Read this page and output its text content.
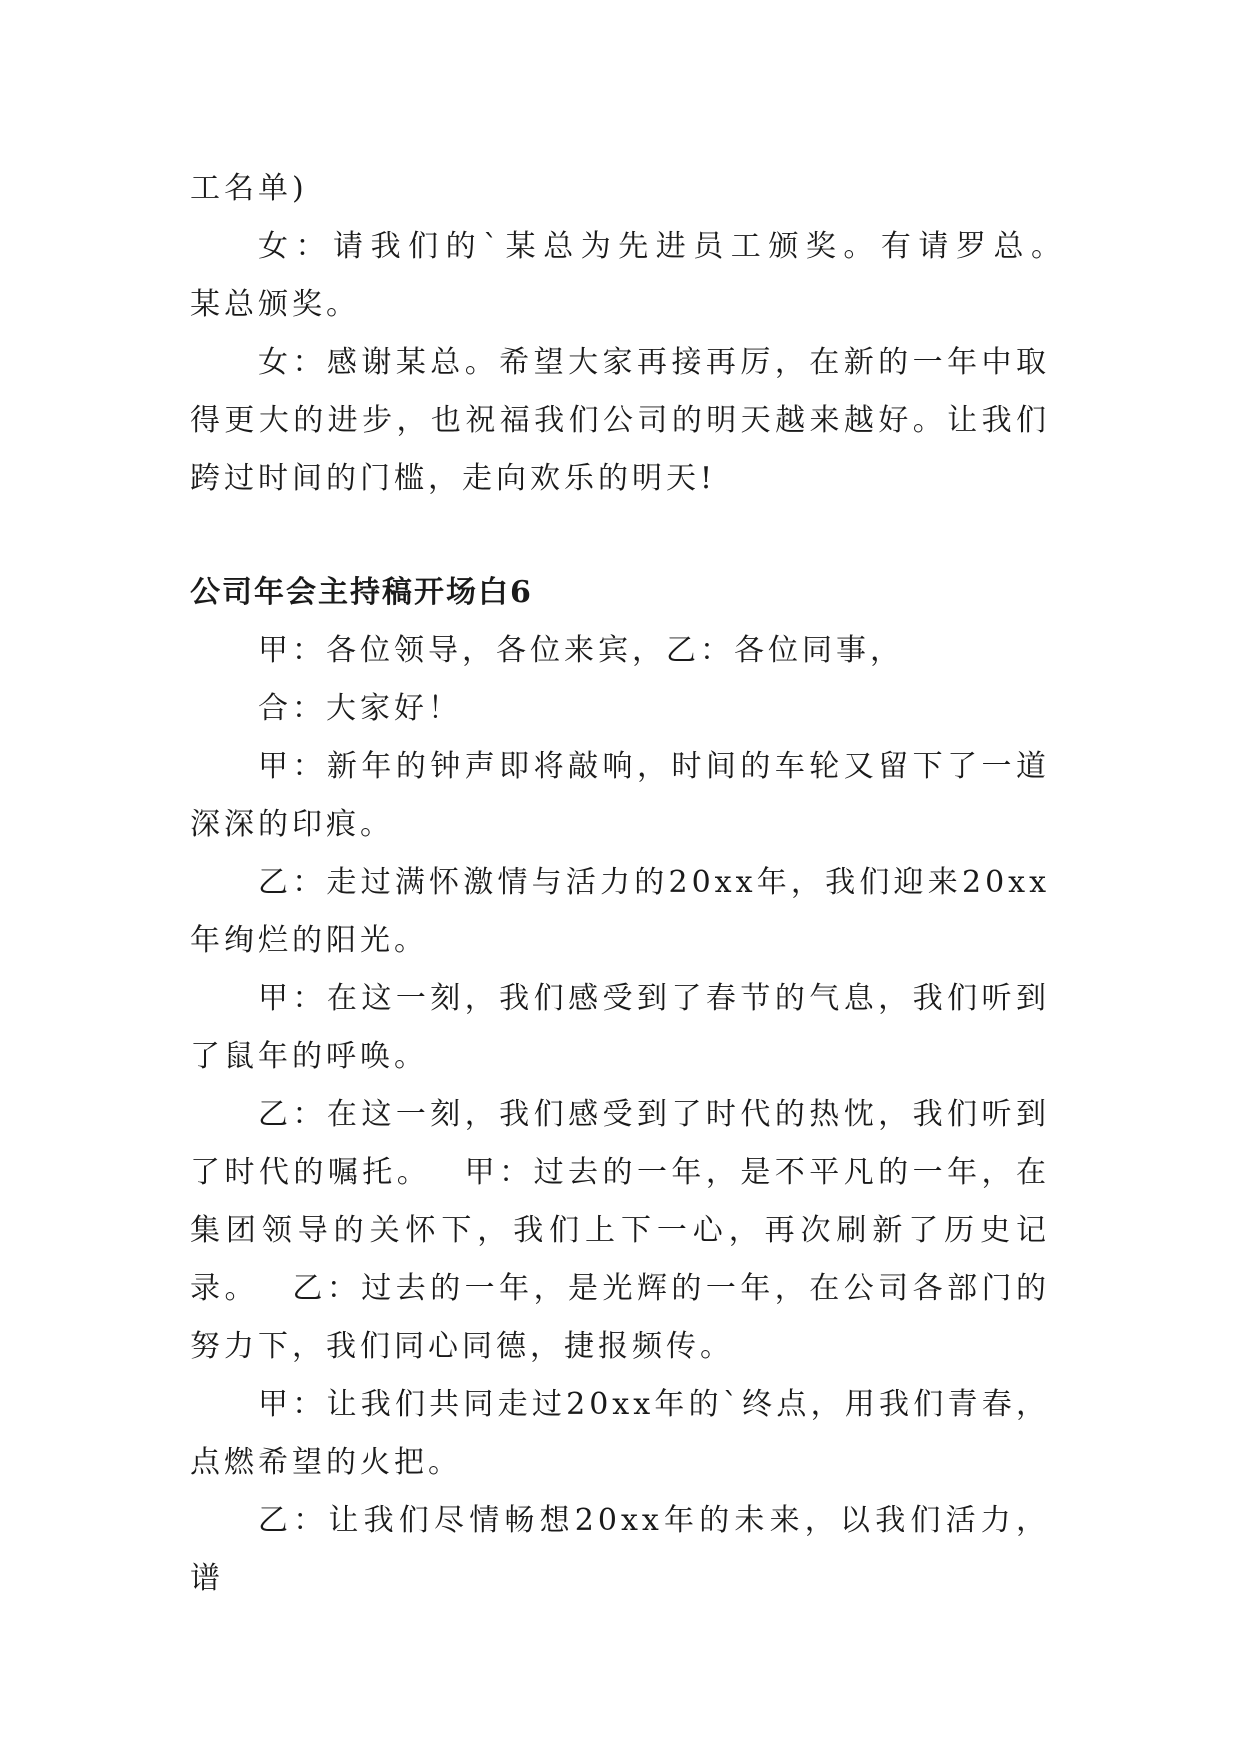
工名单)

女：请我们的`某总为先进员工颁奖。有请罗总。　 某总颁奖。

女：感谢某总。希望大家再接再厉，在新的一年中取得更大的进步，也祝福我们公司的明天越来越好。让我们跨过时间的门槛，走向欢乐的明天!

公司年会主持稿开场白6

甲：各位领导，各位来宾，乙：各位同事，

合：大家好！

甲：新年的钟声即将敲响，时间的车轮又留下了一道深深的印痕。

乙：走过满怀激情与活力的20xx年，我们迎来20xx年绚烂的阳光。

甲：在这一刻，我们感受到了春节的气息，我们听到了鼠年的呼唤。

乙：在这一刻，我们感受到了时代的热忱，我们听到了时代的嘱托。　 甲：过去的一年，是不平凡的一年，在集团领导的关怀下，我们上下一心，再次刷新了历史记录。　 乙：过去的一年，是光辉的一年，在公司各部门的努力下，我们同心同德，捷报频传。

甲：让我们共同走过20xx年的`终点，用我们青春，点燃希望的火把。

乙：让我们尽情畅想20xx年的未来，以我们活力，谱
